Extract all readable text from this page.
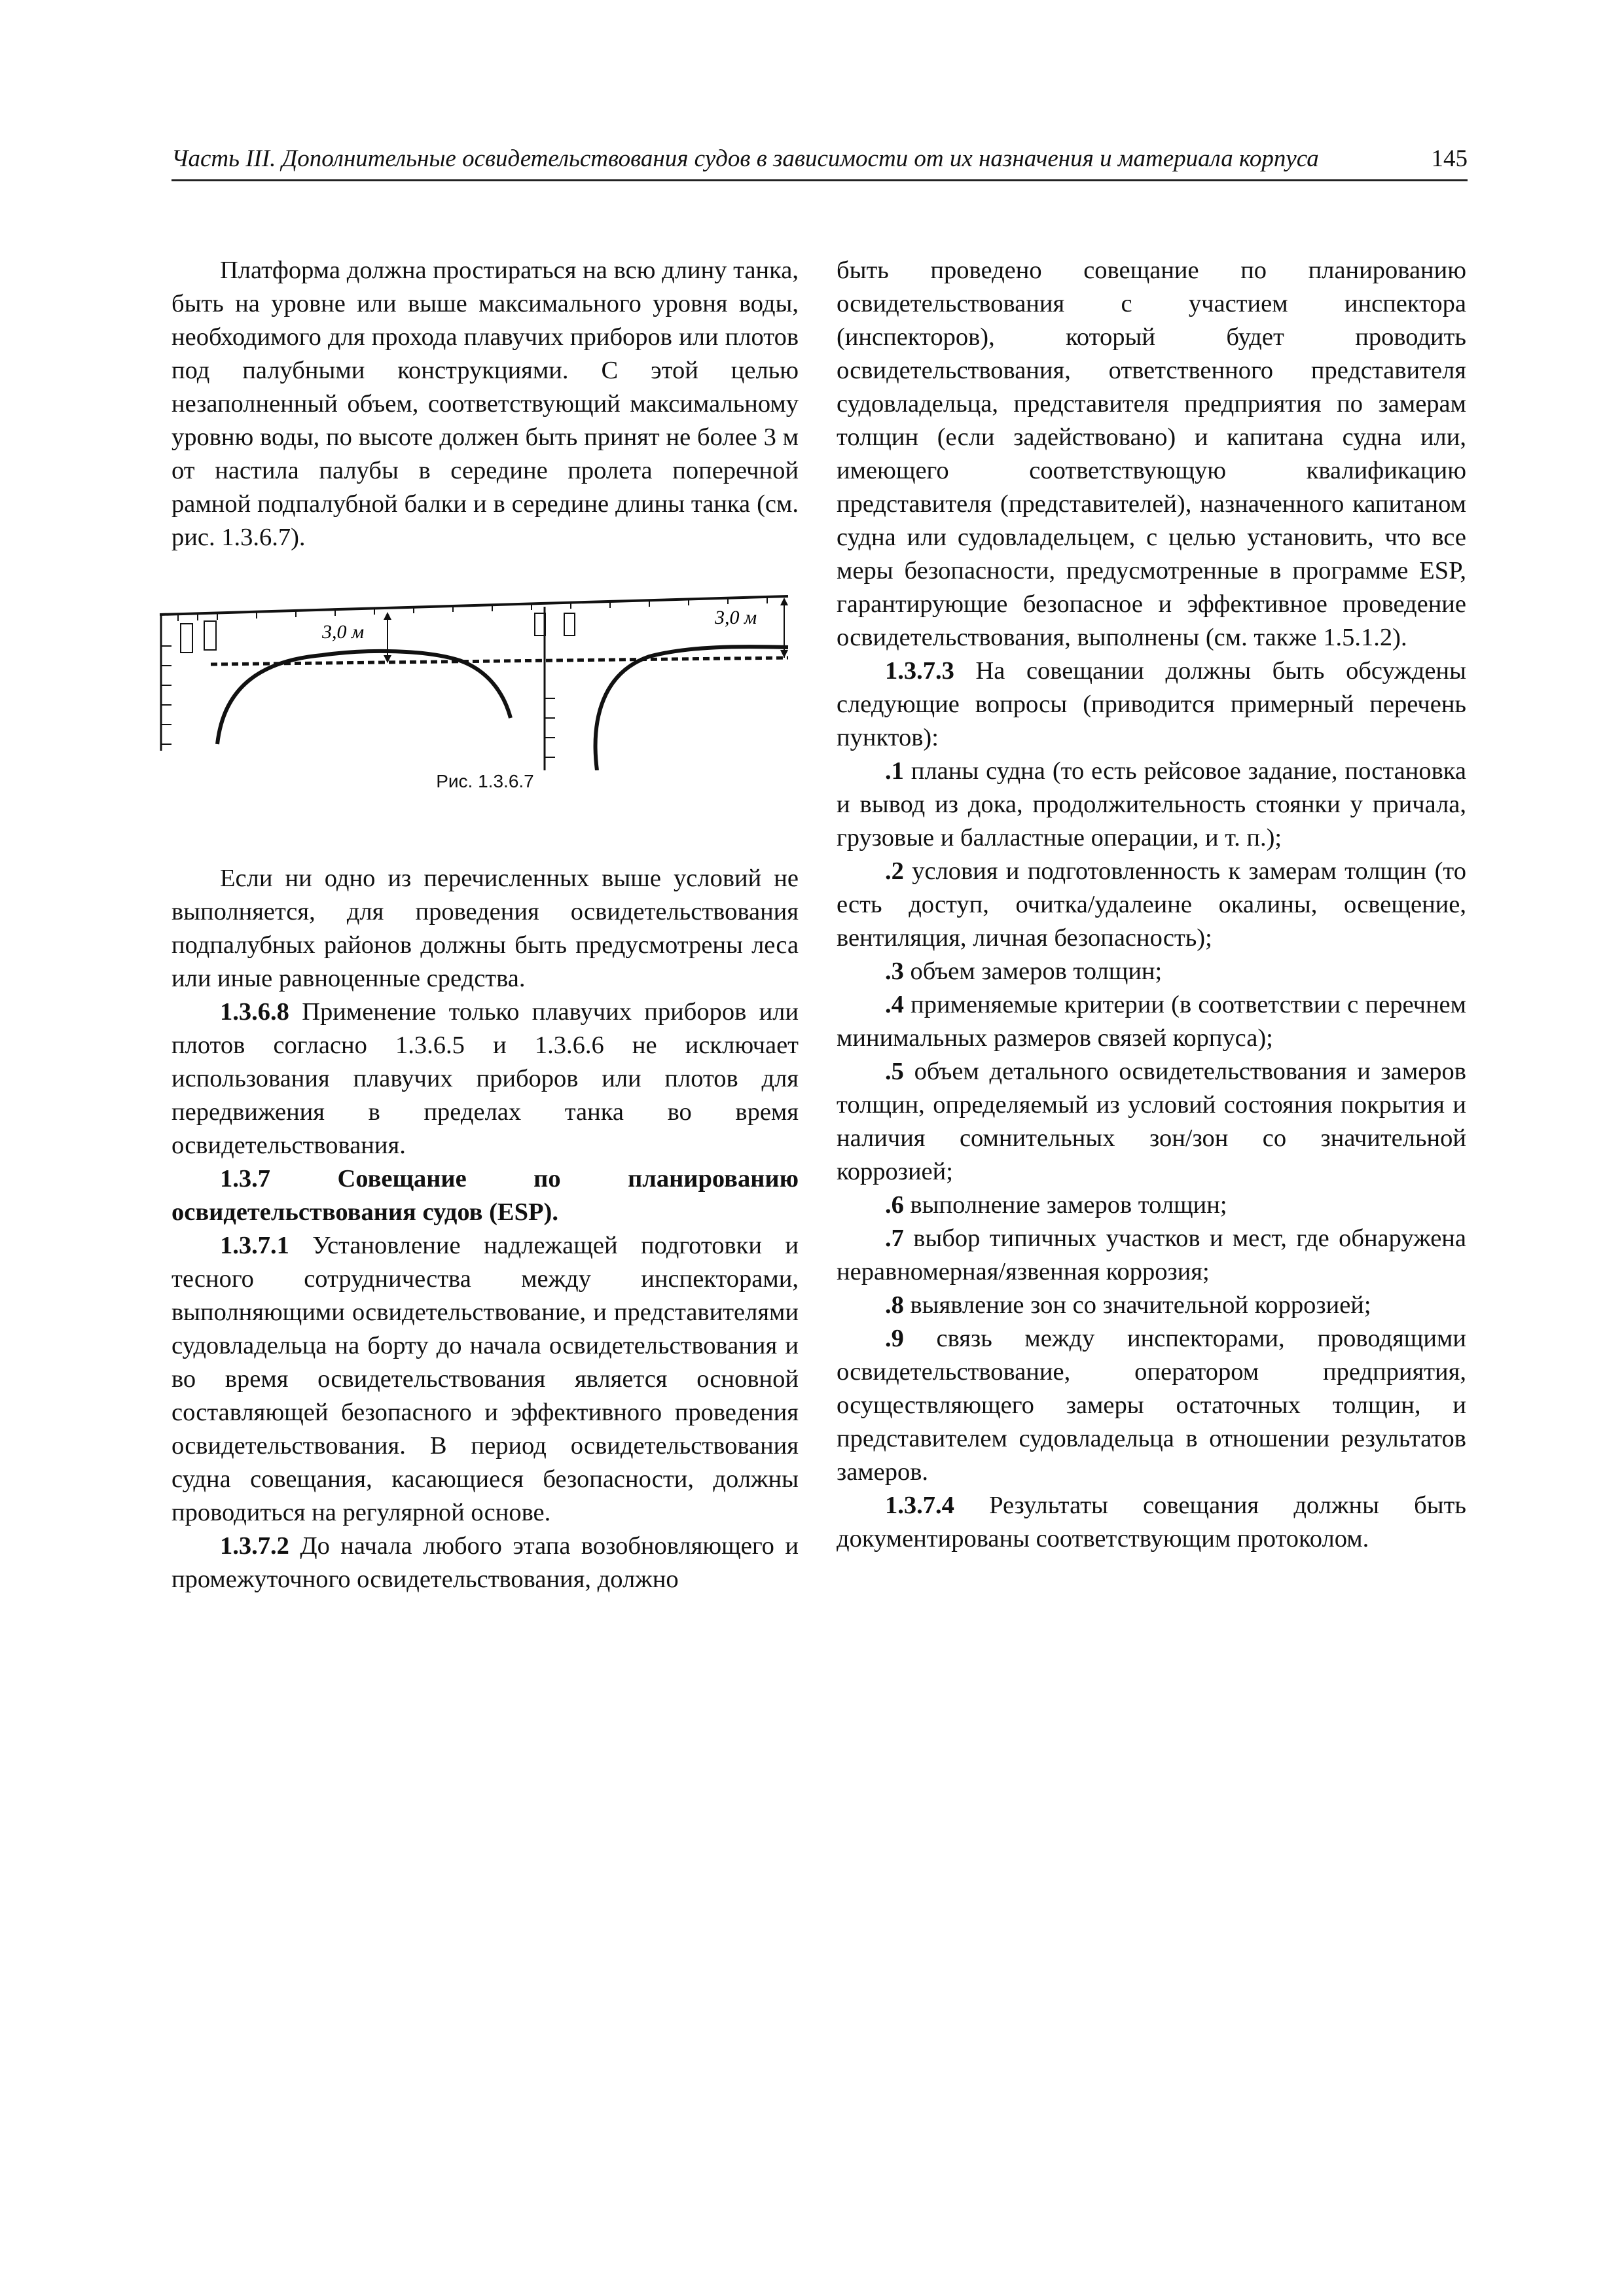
Часть III. Дополнительные освидетельствования судов в зависимости от их назначения и материала корпуса	145

Платформа должна простираться на всю длину танка, быть на уровне или выше максимального уровня воды, необходимого для прохода плавучих приборов или плотов под палубными конструкциями. С этой целью незаполненный объем, соответствующий максимальному уровню воды, по высоте должен быть принят не более 3 м от настила палубы в середине пролета поперечной рамной подпалубной балки и в середине длины танка (см. рис. 1.3.6.7).

3,0 м
3,0 м
Рис. 1.3.6.7

Если ни одно из перечисленных выше условий не выполняется, для проведения освидетельствования подпалубных районов должны быть предусмотрены леса или иные равноценные средства.

1.3.6.8 Применение только плавучих приборов или плотов согласно 1.3.6.5 и 1.3.6.6 не исключает использования плавучих приборов или плотов для передвижения в пределах танка во время освидетельствования.

1.3.7 Совещание по планированию освидетельствования судов (ESP).

1.3.7.1 Установление надлежащей подготовки и тесного сотрудничества между инспекторами, выполняющими освидетельствование, и представителями судовладельца на борту до начала освидетельствования и во время освидетельствования является основной составляющей безопасного и эффективного проведения освидетельствования. В период освидетельствования судна совещания, касающиеся безопасности, должны проводиться на регулярной основе.

1.3.7.2 До начала любого этапа возобновляющего и промежуточного освидетельствования, должно

быть проведено совещание по планированию освидетельствования с участием инспектора (инспекторов), который будет проводить освидетельствования, ответственного представителя судовладельца, представителя предприятия по замерам толщин (если задействовано) и капитана судна или, имеющего соответствующую квалификацию представителя (представителей), назначенного капитаном судна или судовладельцем, с целью установить, что все меры безопасности, предусмотренные в программе ESP, гарантирующие безопасное и эффективное проведение освидетельствования, выполнены (см. также 1.5.1.2).

1.3.7.3 На совещании должны быть обсуждены следующие вопросы (приводится примерный перечень пунктов):

.1 планы судна (то есть рейсовое задание, постановка и вывод из дока, продолжительность стоянки у причала, грузовые и балластные операции, и т. п.);

.2 условия и подготовленность к замерам толщин (то есть доступ, очитка/удалеине окалины, освещение, вентиляция, личная безопасность);

.3 объем замеров толщин;

.4 применяемые критерии (в соответствии с перечнем минимальных размеров связей корпуса);

.5 объем детального освидетельствования и замеров толщин, определяемый из условий состояния покрытия и наличия сомнительных зон/зон со значительной коррозией;

.6 выполнение замеров толщин;

.7 выбор типичных участков и мест, где обнаружена неравномерная/язвенная коррозия;

.8 выявление зон со значительной коррозией;

.9 связь между инспекторами, проводящими освидетельствование, оператором предприятия, осуществляющего замеры остаточных толщин, и представителем судовладельца в отношении результатов замеров.

1.3.7.4 Результаты совещания должны быть документированы соответствующим протоколом.
